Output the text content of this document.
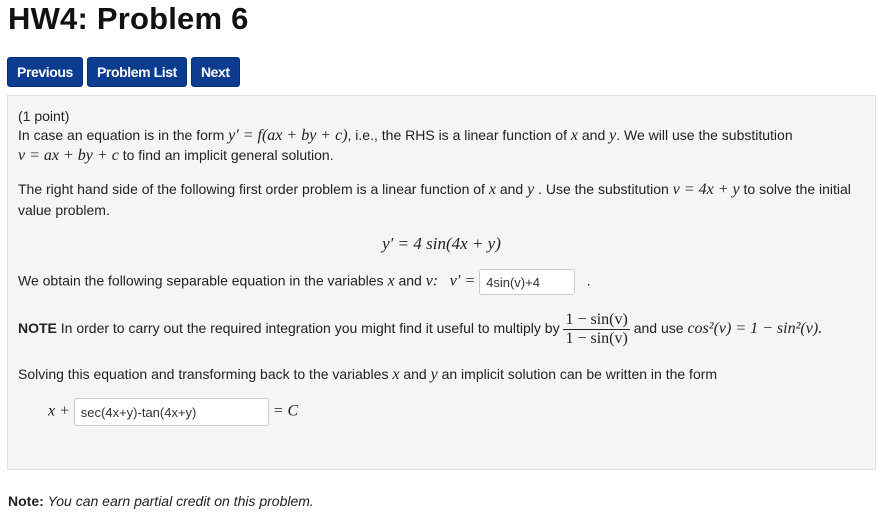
HW4: Problem 6
Previous	Problem List	Next
(1 point)
In case an equation is in the form y′ = f(ax + by + c), i.e., the RHS is a linear function of x and y. We will use the substitution
v = ax + by + c to find an implicit general solution.
The right hand side of the following first order problem is a linear function of x and y . Use the substitution v = 4x + y to solve the initial
value problem.
y′ = 4 sin(4x + y)
We obtain the following separable equation in the variables x and v: v′ = 4sin(v)+4	.
NOTE In order to carry out the required integration you might find it useful to multiply by $\frac{1 - \sin(v)}{1 - \sin(v)}$ and use cos²(v) = 1 − sin²(v).
Solving this equation and transforming back to the variables x and y an implicit solution can be written in the form
x + sec(4x+y)-tan(4x+y)	= C
Note: You can earn partial credit on this problem.
